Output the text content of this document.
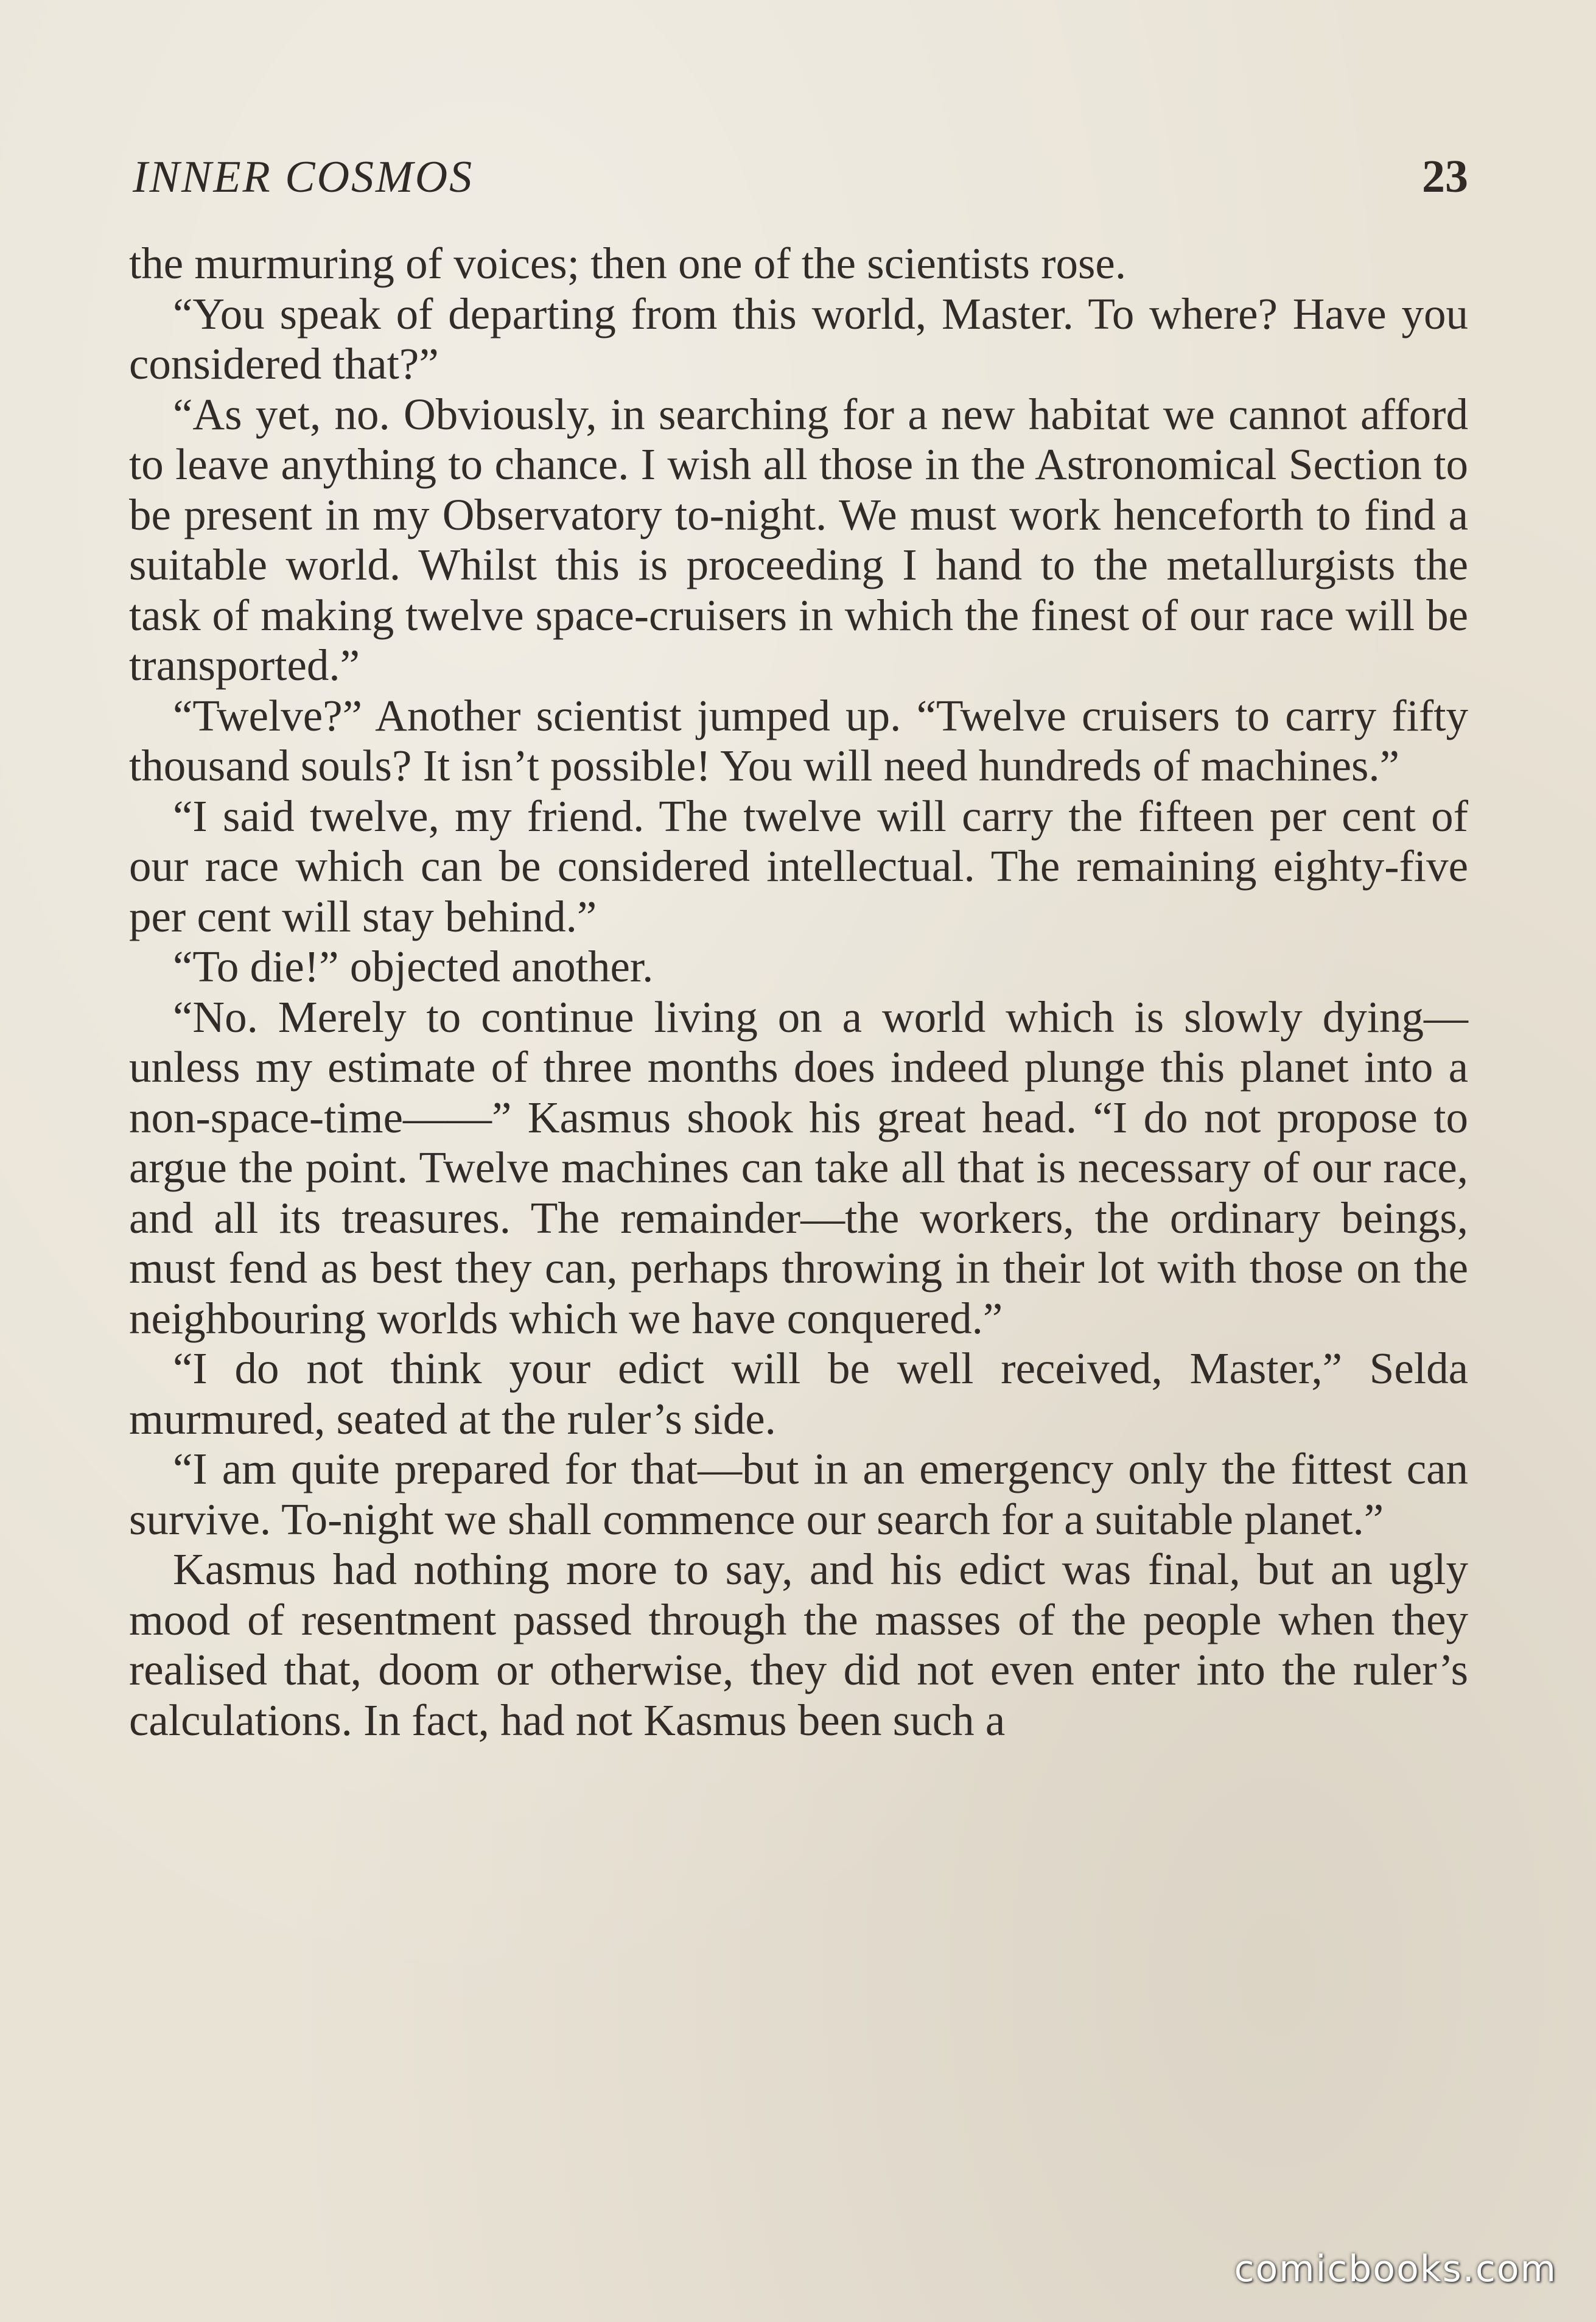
INNER COSMOS	23

the murmuring of voices; then one of the scientists rose.

“You speak of departing from this world, Master. To where? Have you considered that?”

“As yet, no. Obviously, in searching for a new habitat we cannot afford to leave anything to chance. I wish all those in the Astronomical Section to be present in my Observatory to-night. We must work henceforth to find a suitable world. Whilst this is proceeding I hand to the metallurgists the task of making twelve space-cruisers in which the finest of our race will be transported.”

“Twelve?” Another scientist jumped up. “Twelve cruisers to carry fifty thousand souls? It isn’t possible! You will need hundreds of machines.”

“I said twelve, my friend. The twelve will carry the fifteen per cent of our race which can be considered intellectual. The remaining eighty-five per cent will stay behind.”

“To die!” objected another.

“No. Merely to continue living on a world which is slowly dying—unless my estimate of three months does indeed plunge this planet into a non-space-time——” Kasmus shook his great head. “I do not propose to argue the point. Twelve machines can take all that is necessary of our race, and all its treasures. The remainder—the workers, the ordinary beings, must fend as best they can, perhaps throwing in their lot with those on the neighbouring worlds which we have conquered.”

“I do not think your edict will be well received, Master,” Selda murmured, seated at the ruler’s side.

“I am quite prepared for that—but in an emergency only the fittest can survive. To-night we shall commence our search for a suitable planet.”

Kasmus had nothing more to say, and his edict was final, but an ugly mood of resentment passed through the masses of the people when they realised that, doom or otherwise, they did not even enter into the ruler’s calculations. In fact, had not Kasmus been such a

comicbooks.com
